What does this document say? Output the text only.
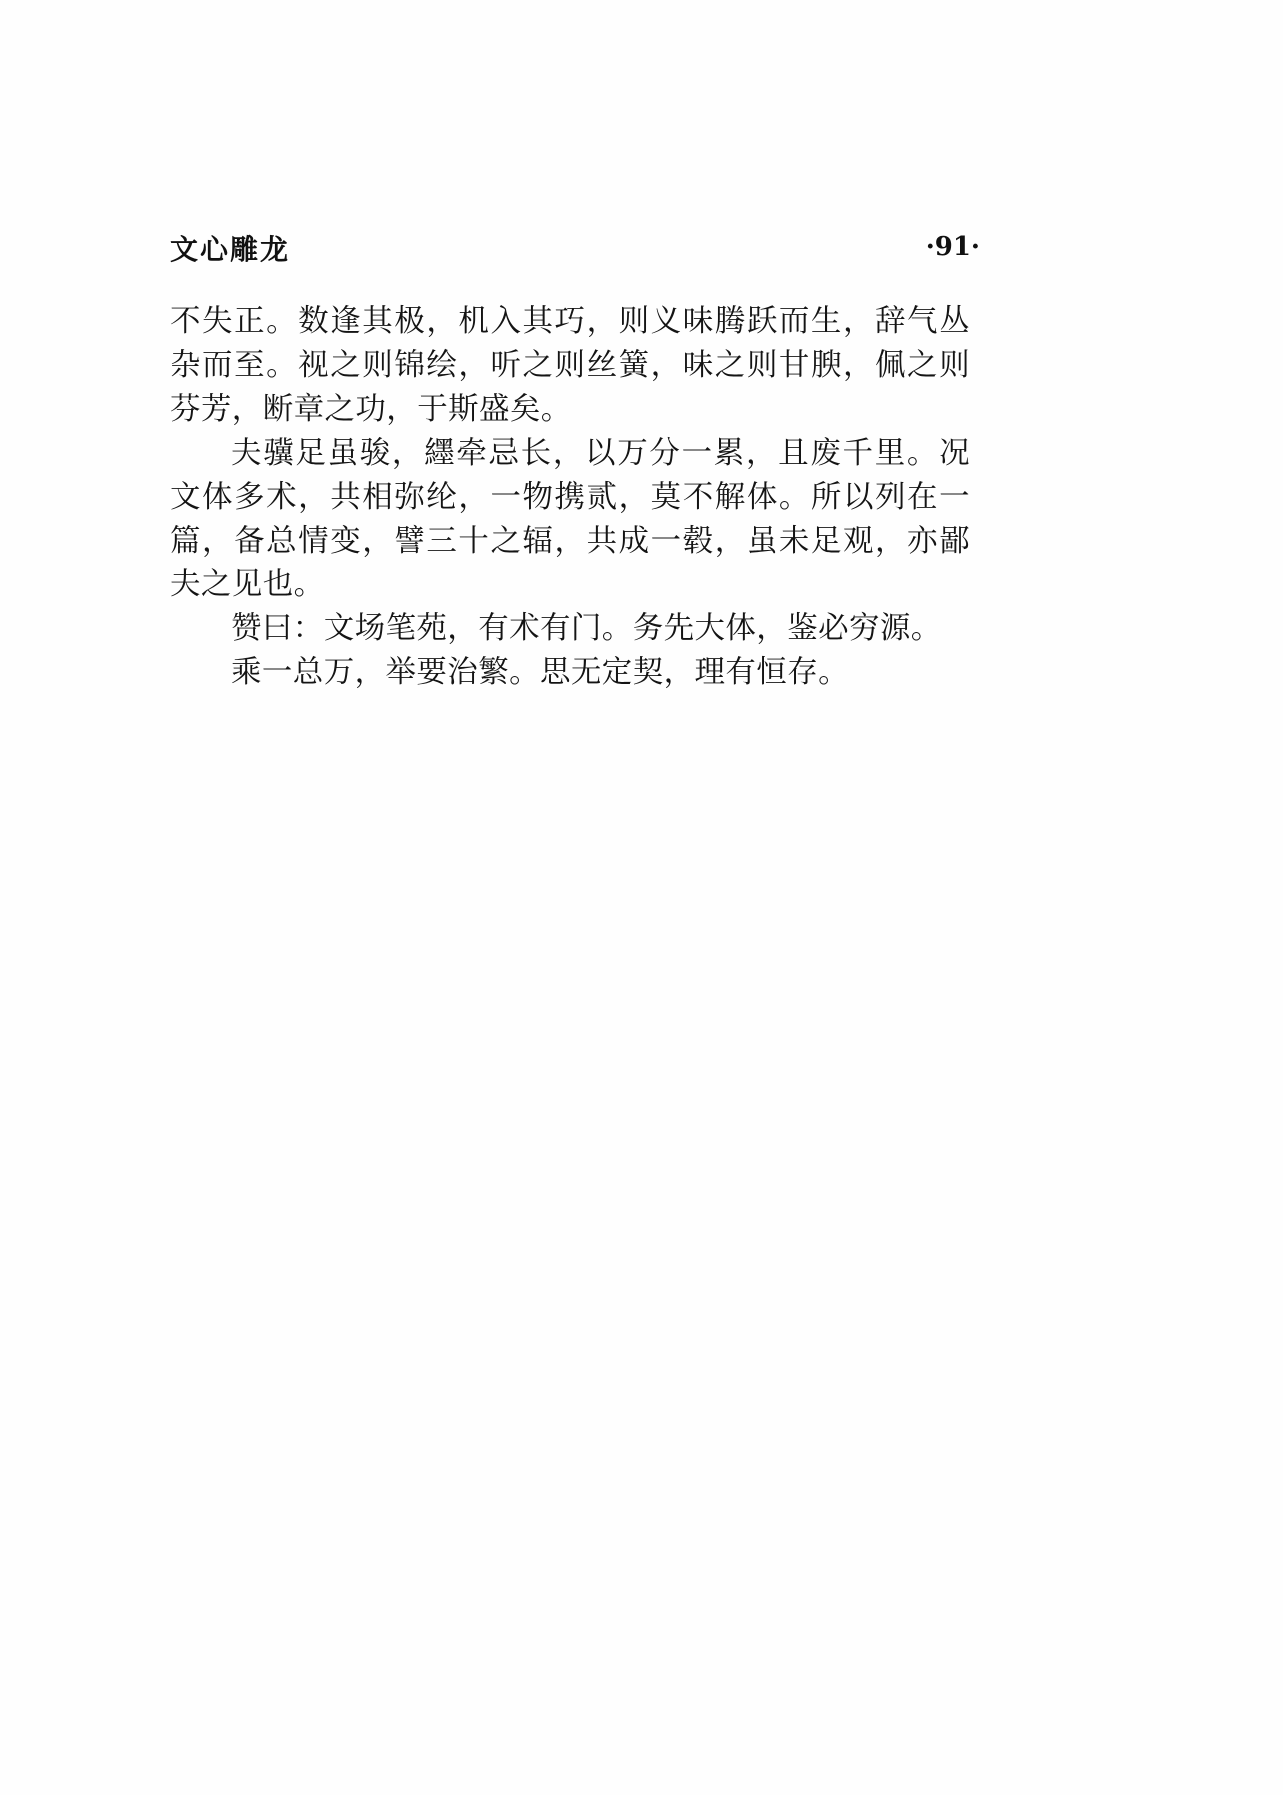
文心雕龙	·91·

不失正。数逢其极，机入其巧，则义味腾跃而生，辞气丛杂而至。视之则锦绘，听之则丝簧，味之则甘腴，佩之则芬芳，断章之功，于斯盛矣。

夫骥足虽骏，纆牵忌长，以万分一累，且废千里。况文体多术，共相弥纶，一物携贰，莫不解体。所以列在一篇，备总情变，譬三十之辐，共成一毂，虽未足观，亦鄙夫之见也。

赞曰：文场笔苑，有术有门。务先大体，鉴必穷源。

乘一总万，举要治繁。思无定契，理有恒存。
